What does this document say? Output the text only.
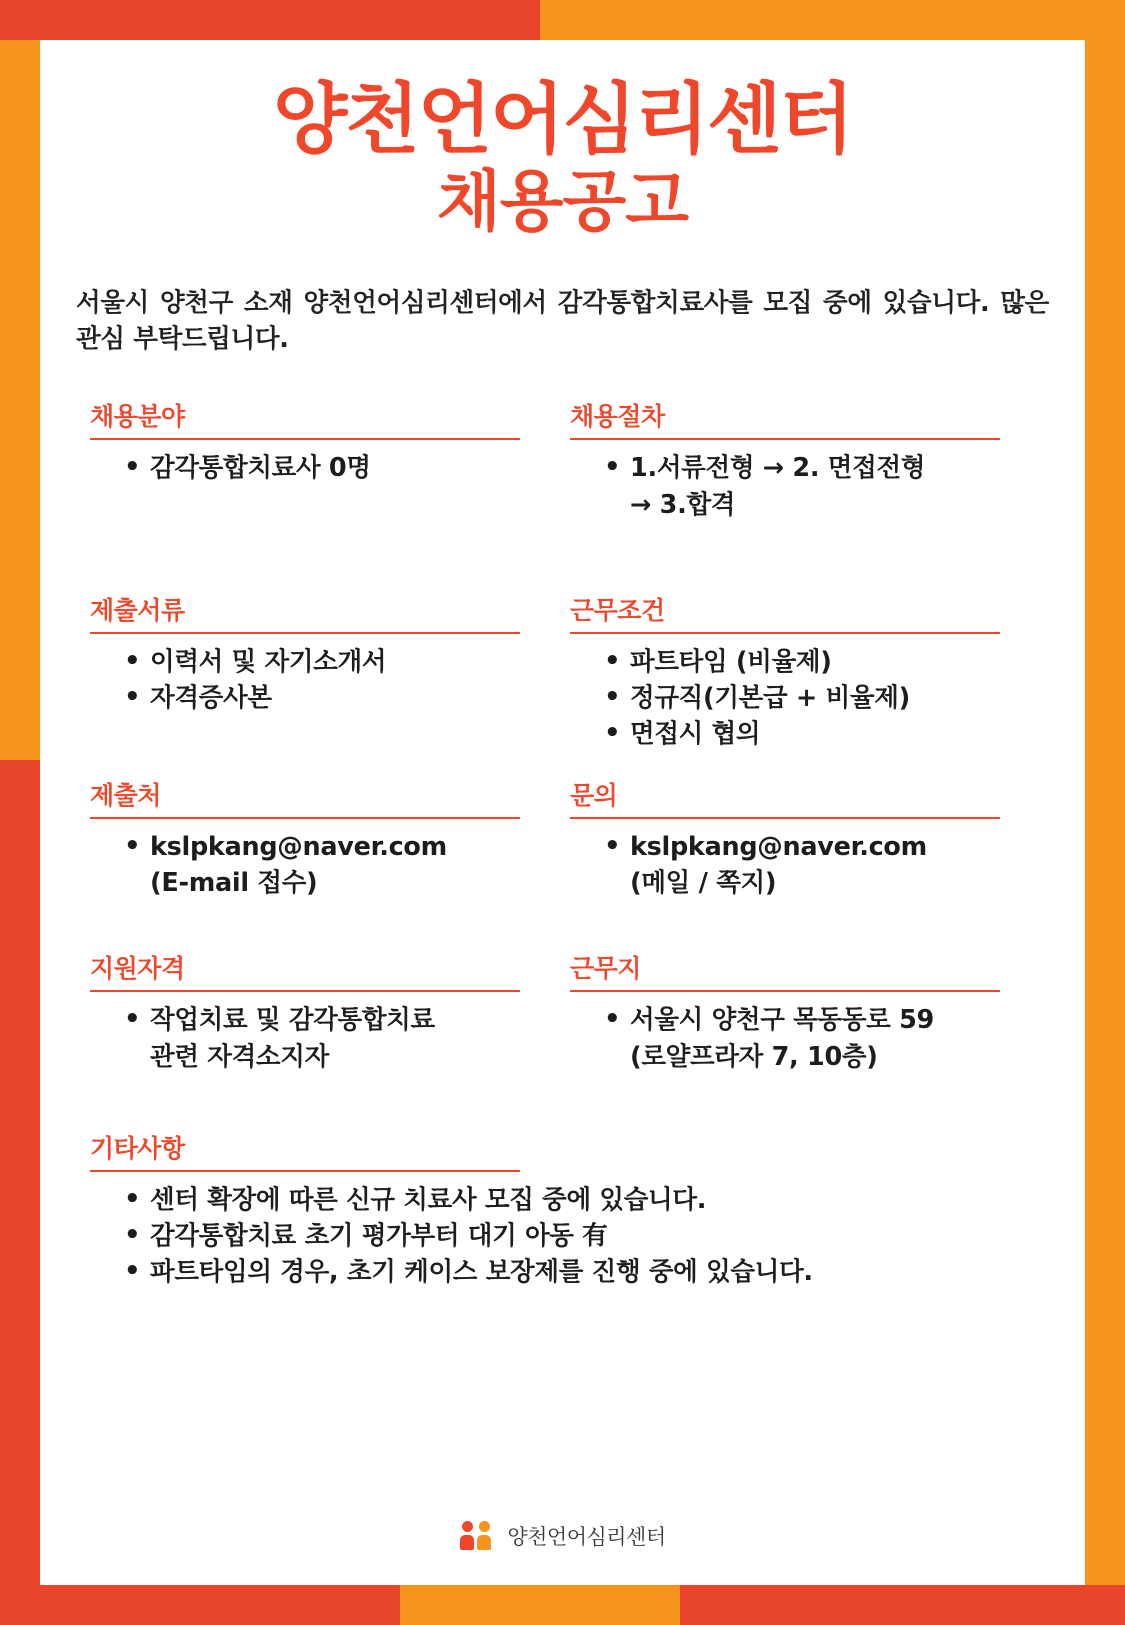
양천언어심리센터
채용공고
서울시 양천구 소재 양천언어심리센터에서 감각통합치료사를 모집 중에 있습니다. 많은 관심 부탁드립니다.
채용분야
• 감각통합치료사 0명
채용절차
• 1.서류전형 → 2. 면접전형
→ 3.합격
제출서류
• 이력서 및 자기소개서
• 자격증사본
근무조건
• 파트타임 (비율제)
• 정규직(기본급 + 비율제)
• 면접시 협의
제출처
• kslpkang@naver.com
(E-mail 접수)
문의
• kslpkang@naver.com
(메일 / 쪽지)
지원자격
• 작업치료 및 감각통합치료
관련 자격소지자
근무지
• 서울시 양천구 목동동로 59
(로얄프라자 7, 10층)
기타사항
• 센터 확장에 따른 신규 치료사 모집 중에 있습니다.
• 감각통합치료 초기 평가부터 대기 아동 有
• 파트타임의 경우, 초기 케이스 보장제를 진행 중에 있습니다.
양천언어심리센터
